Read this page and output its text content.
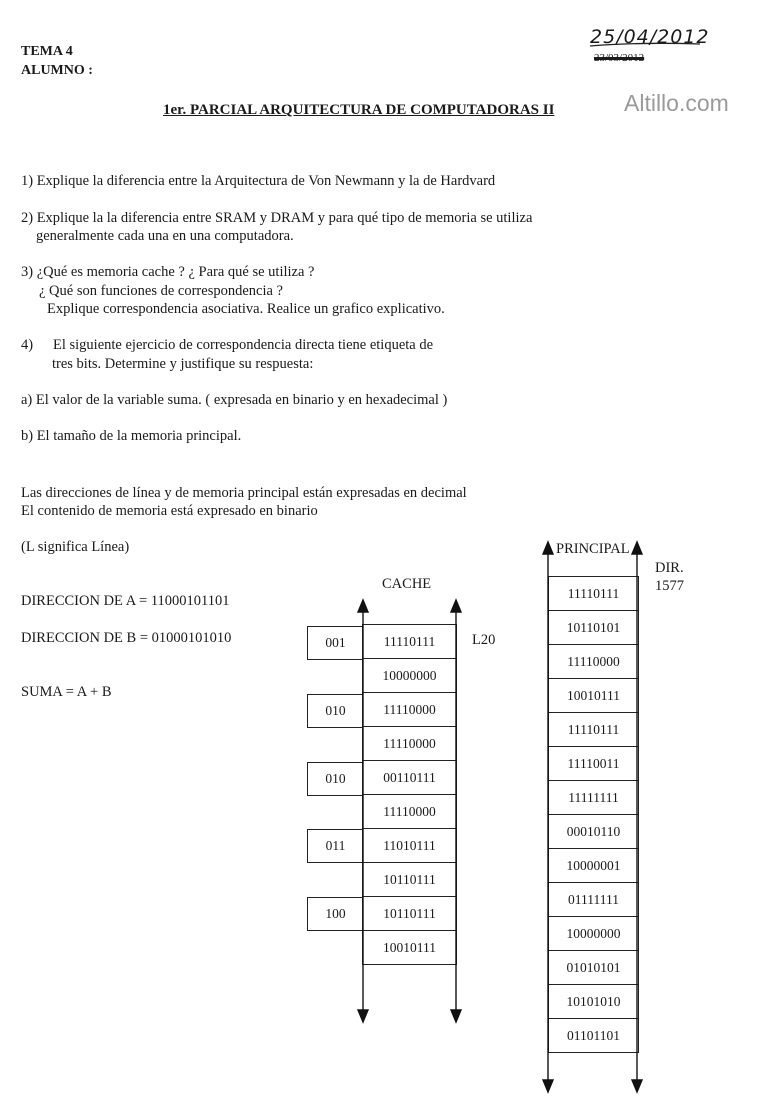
TEMA 4
ALUMNO :
25/04/2012
23/03/2012
1er. PARCIAL ARQUITECTURA DE COMPUTADORAS II	Altillo.com
1) Explique la diferencia entre la Arquitectura de Von Newmann y la de Hardvard
2) Explique la la diferencia entre SRAM y DRAM y para qué tipo de memoria se utiliza
generalmente cada una en una computadora.
3) ¿Qué es memoria cache ? ¿ Para qué se utiliza ?
¿ Qué son funciones de correspondencia ?
Explique correspondencia asociativa. Realice un grafico explicativo.
4) El siguiente ejercicio de correspondencia directa tiene etiqueta de
tres bits. Determine y justifique su respuesta:
a) El valor de la variable suma. ( expresada en binario y en hexadecimal )
b) El tamaño de la memoria principal.
Las direcciones de línea y de memoria principal están expresadas en decimal
El contenido de memoria está expresado en binario
(L significa Línea)
DIRECCION DE A = 11000101101
DIRECCION DE B = 01000101010
SUMA = A + B
CACHE
L20
001
010
010
011
100
11110111
10000000
11110000
11110000
00110111
11110000
11010111
10110111
10110111
10010111
PRINCIPAL
DIR.
1577
11110111
10110101
11110000
10010111
11110111
11110011
11111111
00010110
10000001
01111111
10000000
01010101
10101010
01101101
